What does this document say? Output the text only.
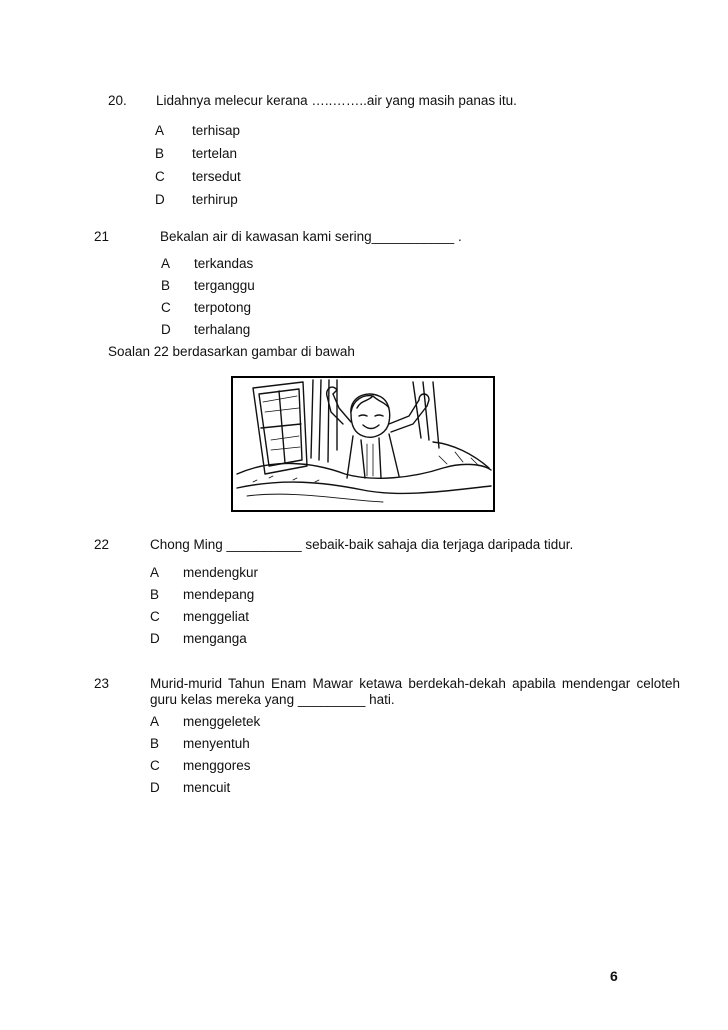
20. Lidahnya melecur kerana …..……..air yang masih panas itu.
A terhisap
B tertelan
C tersedut
D terhirup
21	Bekalan air di kawasan kami sering___________ .
A terkandas
B terganggu
C terpotong
D terhalang
Soalan 22 berdasarkan gambar di bawah
22	Chong Ming __________ sebaik-baik sahaja dia terjaga daripada tidur.
A mendengkur
B mendepang
C menggeliat
D menganga
23	Murid-murid Tahun Enam Mawar ketawa berdekah-dekah apabila mendengar celoteh
guru kelas mereka yang _________ hati.
A menggeletek
B menyentuh
C menggores
D mencuit
6
